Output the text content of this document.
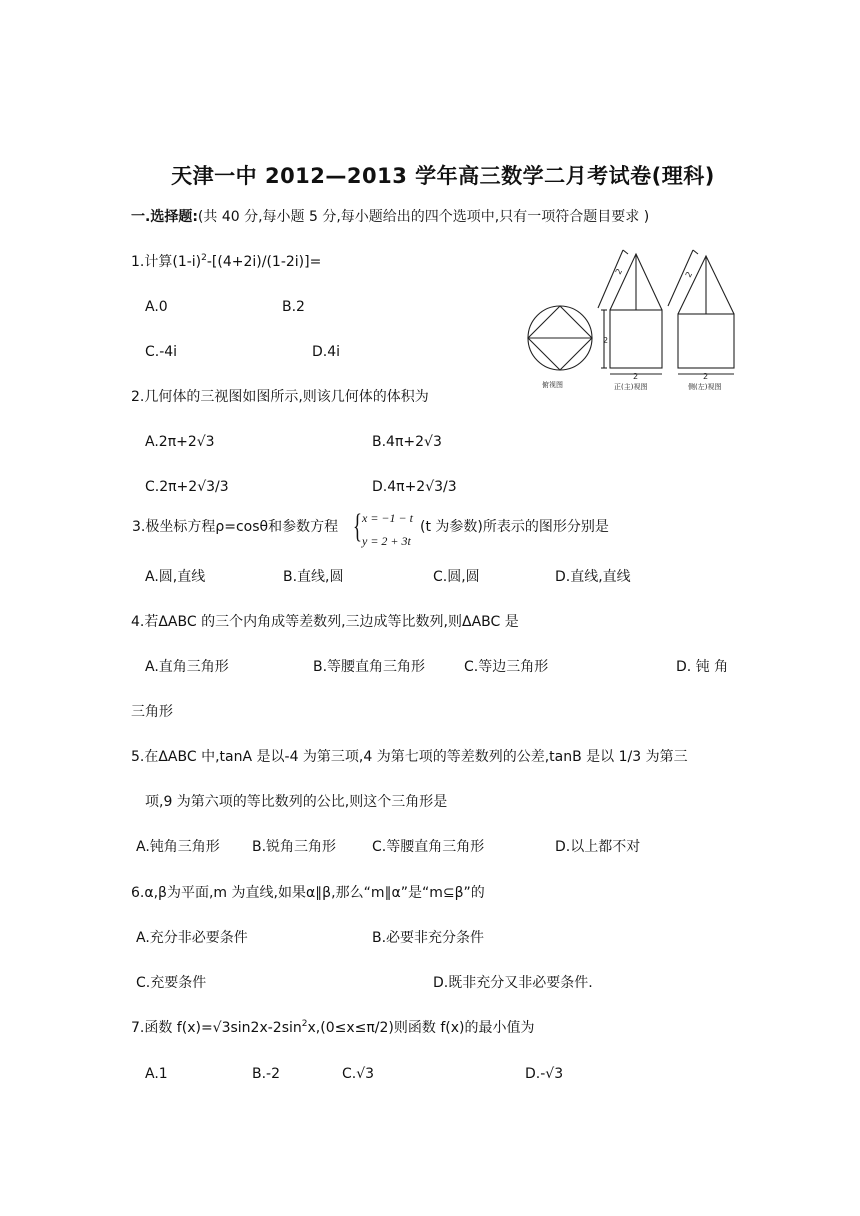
天津一中 2012—2013 学年高三数学二月考试卷(理科)
一.选择题:(共 40 分,每小题 5 分,每小题给出的四个选项中,只有一项符合题目要求 )
1.计算$(1-i)^2-[(4+2i)/(1-2i)]=$
A.0	B.2
C.-4i	D.4i
俯视图
2
2
2
正(主)视图
2
2
侧(左)视图
2.几何体的三视图如图所示,则该几何体的体积为
A.2π+2√3	B.4π+2√3
C.2π+2√3/3	D.4π+2√3/3
3.极坐标方程ρ=cosθ和参数方程 { x = −1 − t
y = 2 + 3t
(t 为参数)所表示的图形分别是
A.圆,直线	B.直线,圆	C.圆,圆	D.直线,直线
4.若ΔABC 的三个内角成等差数列,三边成等比数列,则ΔABC 是
A.直角三角形	B.等腰直角三角形	C.等边三角形	D. 钝 角
三角形
5.在ΔABC 中,tanA 是以-4 为第三项,4 为第七项的等差数列的公差,tanB 是以 1/3 为第三
项,9 为第六项的等比数列的公比,则这个三角形是
A.钝角三角形 B.锐角三角形	C.等腰直角三角形	D.以上都不对
6.α,β为平面,m 为直线,如果α∥β,那么“m∥α”是“m⊆β”的
A.充分非必要条件	B.必要非充分条件
C.充要条件	D.既非充分又非必要条件.
7.函数 $f(x)=√3\sin 2x-2\sin^2x,(0\le x\le\pi/2)$则函数 f(x)的最小值为
A.1	B.-2	C.√3	D.-√3
